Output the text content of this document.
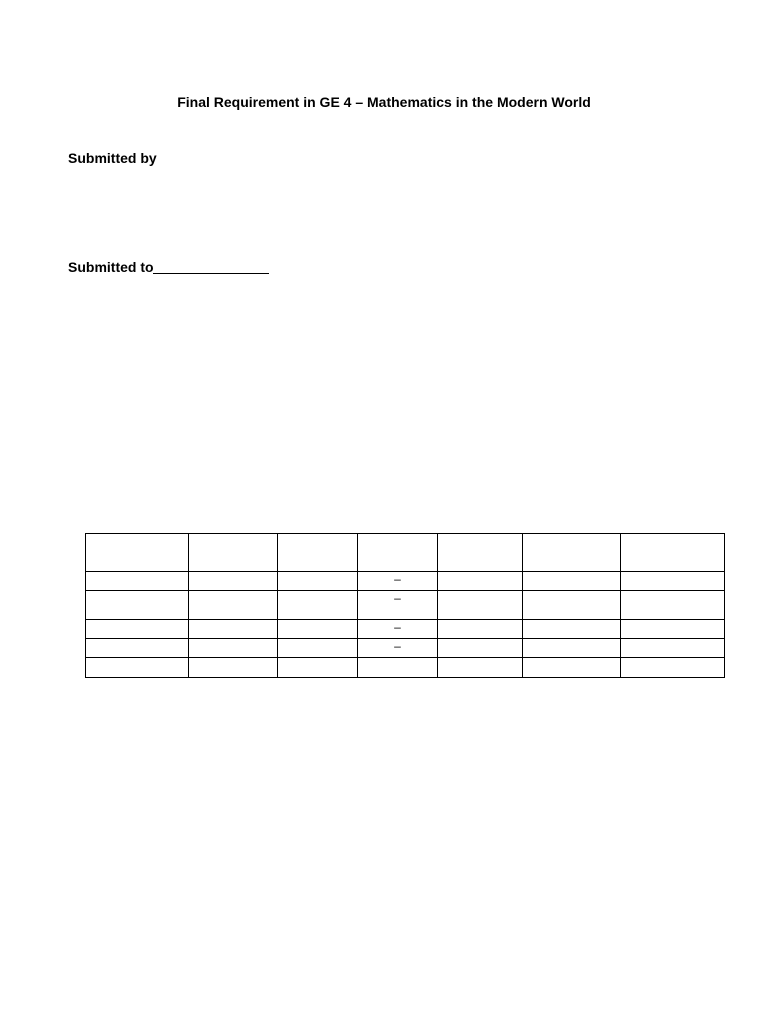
Final Requirement in GE 4 – Mathematics in the Modern World
Submitted by
Submitted to

			–			
			–			
			–			
			–			
